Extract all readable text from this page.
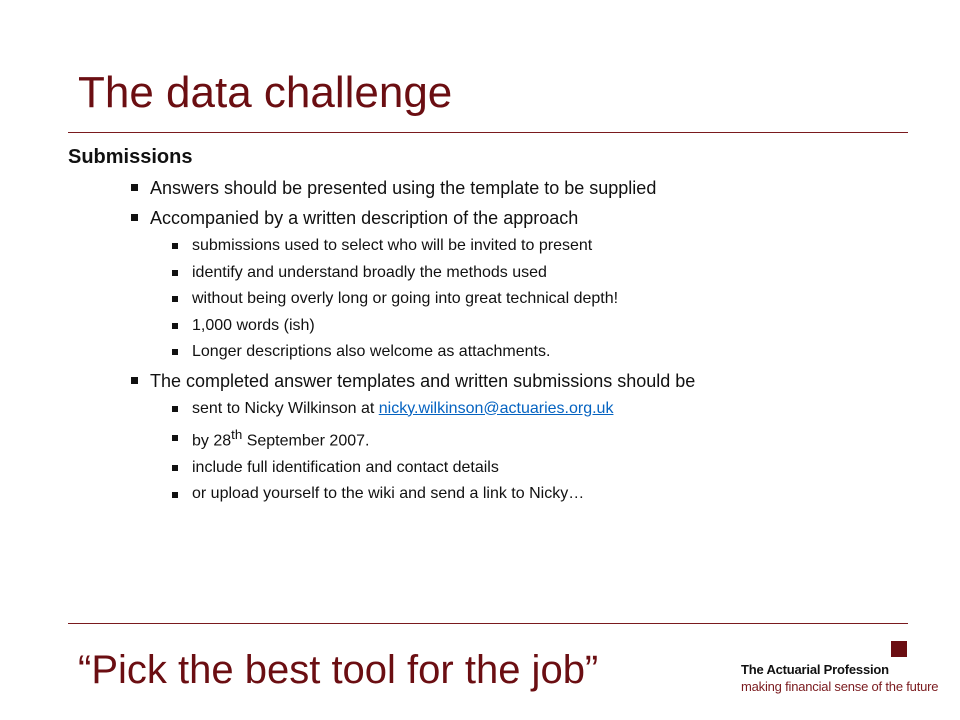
The data challenge

Submissions

Answers should be presented using the template to be supplied

Accompanied by a written description of the approach

submissions used to select who will be invited to present

identify and understand broadly the methods used

without being overly long or going into great technical depth!

1,000 words (ish)

Longer descriptions also welcome as attachments.

The completed answer templates and written submissions should be

sent to Nicky Wilkinson at nicky.wilkinson@actuaries.org.uk

by 28th September 2007.

include full identification and contact details

or upload yourself to the wiki and send a link to Nicky…

“Pick the best tool for the job”	The Actuarial Profession
making financial sense of the future
